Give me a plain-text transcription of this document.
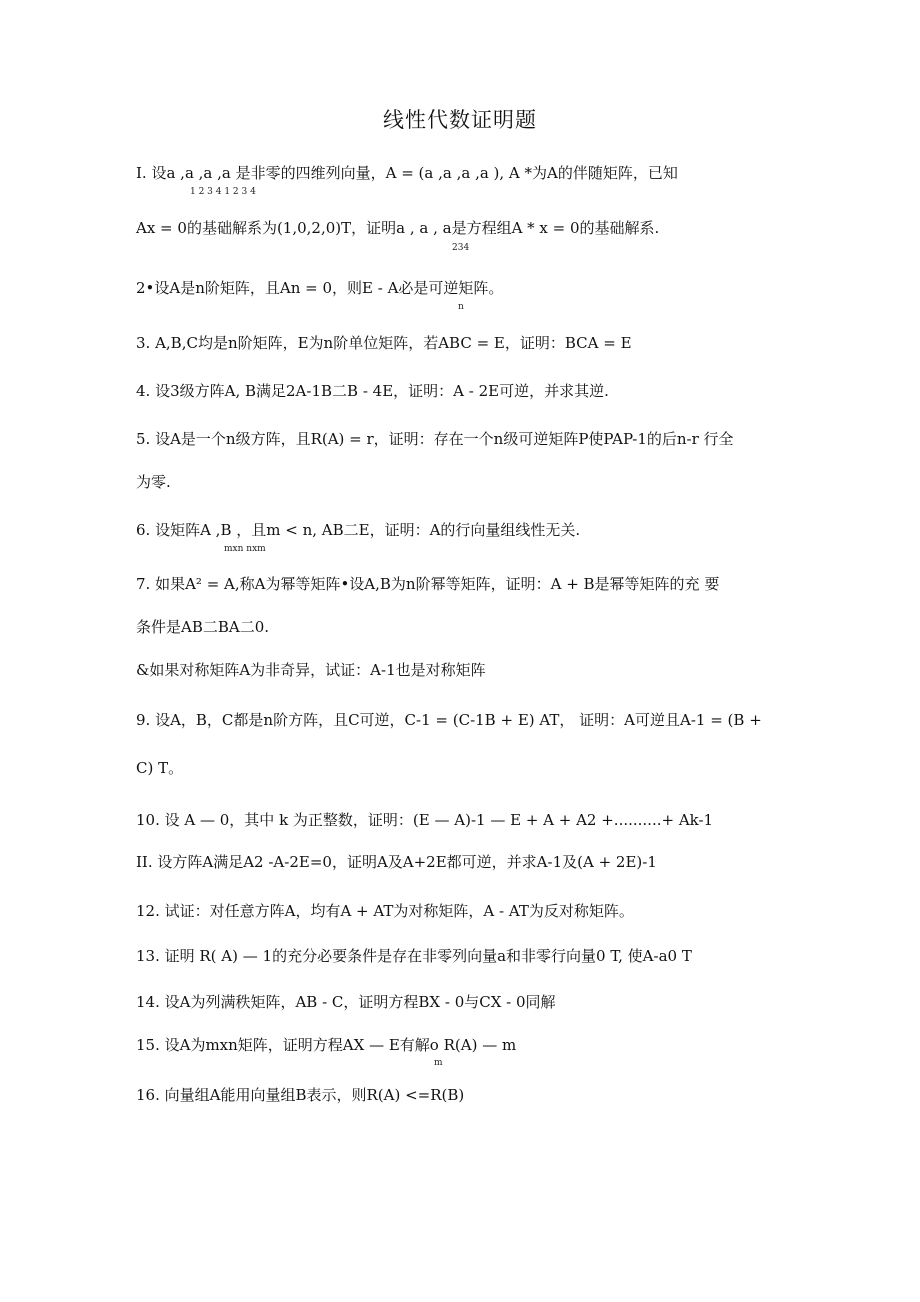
线性代数证明题
I. 设a ,a ,a ,a 是非零的四维列向量，A = (a ,a ,a ,a ), A *为A的伴随矩阵，已知
1 2 3 4 1 2 3 4
Ax = 0的基础解系为(1,0,2,0)T，证明a , a , a是方程组A * x = 0的基础解系.
234
2•设A是n阶矩阵，且An = 0，则E - A必是可逆矩阵。
n
3. A,B,C均是n阶矩阵，E为n阶单位矩阵，若ABC = E，证明：BCA = E
4. 设3级方阵A, B满足2A-1B二B - 4E，证明：A - 2E可逆，并求其逆.
5. 设A是一个n级方阵，且R(A) = r，证明：存在一个n级可逆矩阵P使PAP-1的后n-r 行全
为零.
6. 设矩阵A ,B ，且m < n, AB二E，证明：A的行向量组线性无关.
mxn nxm
7. 如果A² = A,称A为幂等矩阵•设A,B为n阶幂等矩阵，证明：A + B是幂等矩阵的充 要
条件是AB二BA二0.
&如果对称矩阵A为非奇异，试证：A-1也是对称矩阵
9. 设A，B，C都是n阶方阵，且C可逆，C-1 = (C-1B + E) AT， 证明：A可逆且A-1 = (B +
C) T。
10. 设 A — 0，其中 k 为正整数，证明：(E — A)-1 — E + A + A2 +..........+ Ak-1
II. 设方阵A满足A2 -A-2E=0，证明A及A+2E都可逆，并求A-1及(A + 2E)-1
12. 试证：对任意方阵A，均有A + AT为对称矩阵，A - AT为反对称矩阵。
13. 证明 R( A) — 1的充分必要条件是存在非零列向量a和非零行向量0 T, 使A-a0 T
14. 设A为列满秩矩阵，AB - C，证明方程BX - 0与CX - 0同解
15. 设A为mxn矩阵，证明方程AX — E有解o R(A) — m
m
16. 向量组A能用向量组B表示，则R(A) <=R(B)
